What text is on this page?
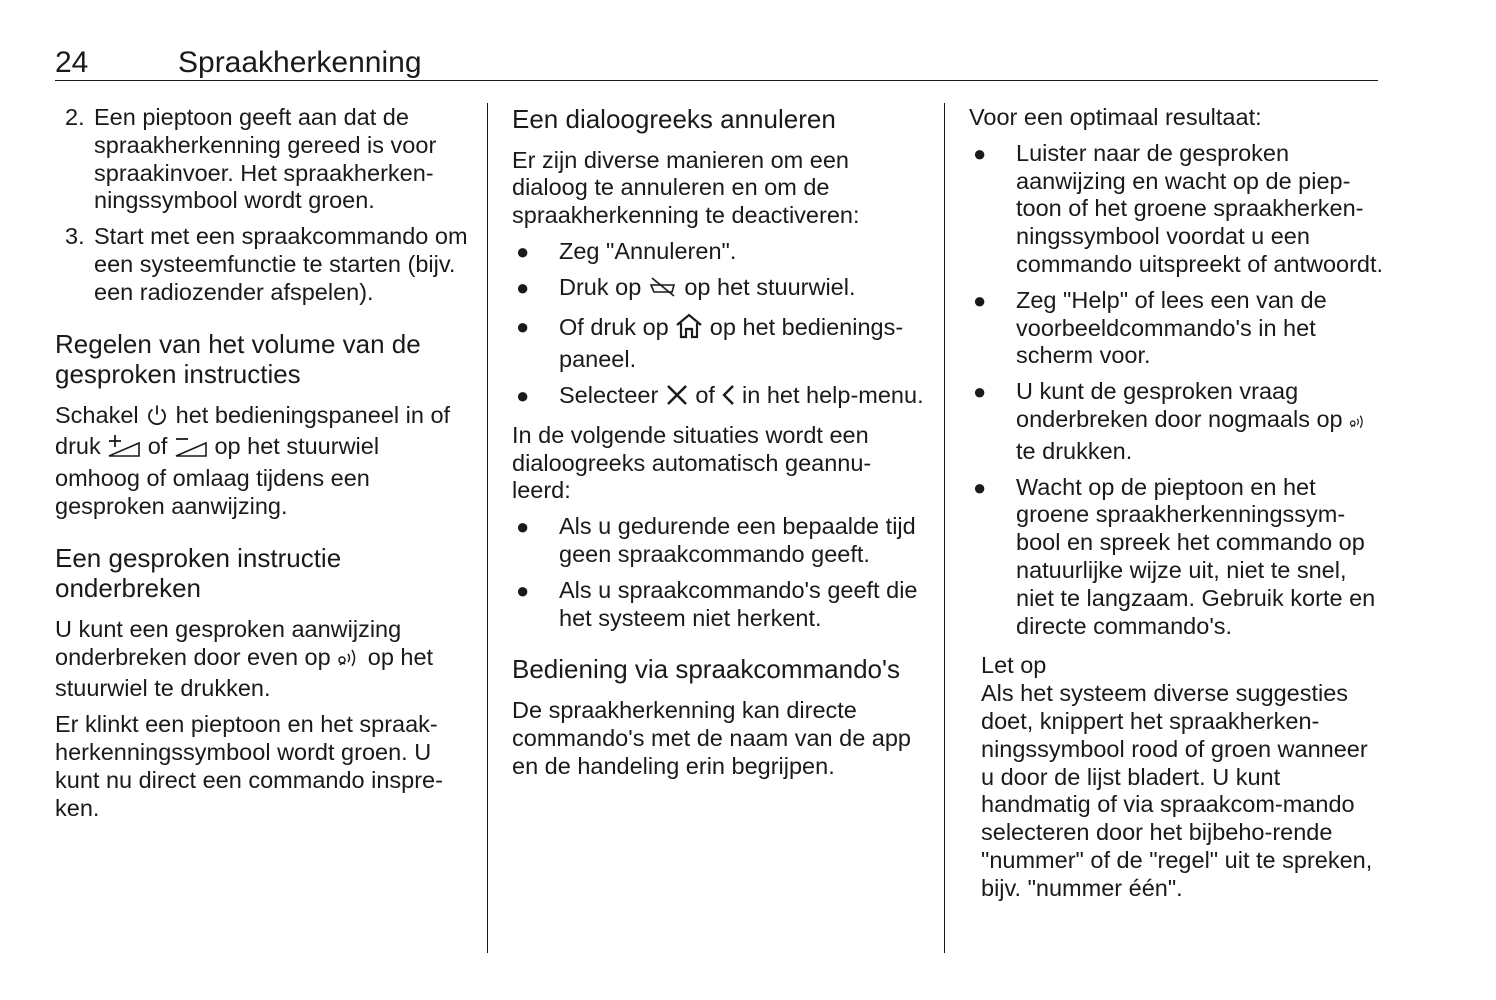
24	Spraakherkenning
2. Een pieptoon geeft aan dat de spraakherkenning gereed is voor spraakinvoer. Het spraakherken-ningssymbool wordt groen.
3. Start met een spraakcommando om een systeemfunctie te starten (bijv. een radiozender afspelen).
Regelen van het volume van de gesproken instructies

Schakel het bedieningspaneel in of druk of op het stuurwiel omhoog of omlaag tijdens een gesproken aanwijzing.

Een gesproken instructie onderbreken

U kunt een gesproken aanwijzing onderbreken door even op op het stuurwiel te drukken.

Er klinkt een pieptoon en het spraak-herkenningssymbool wordt groen. U kunt nu direct een commando inspre-ken.

Een dialoogreeks annuleren

Er zijn diverse manieren om een dialoog te annuleren en om de spraakherkenning te deactiveren:

● Zeg "Annuleren".
● Druk op op het stuurwiel.
● Of druk op op het bedienings-paneel.
● Selecteer of in het help-menu.

In de volgende situaties wordt een dialoogreeks automatisch geannu-leerd:

● Als u gedurende een bepaalde tijd geen spraakcommando geeft.
● Als u spraakcommando's geeft die het systeem niet herkent.
Bediening via spraakcommando's

De spraakherkenning kan directe commando's met de naam van de app en de handeling erin begrijpen.

Voor een optimaal resultaat:

● Luister naar de gesproken aanwijzing en wacht op de piep-toon of het groene spraakherken-ningssymbool voordat u een commando uitspreekt of antwoordt.
● Zeg "Help" of lees een van de voorbeeldcommando's in het scherm voor.
● U kunt de gesproken vraag onderbreken door nogmaals op  te drukken.
● Wacht op de pieptoon en het groene spraakherkenningssym-bool en spreek het commando op natuurlijke wijze uit, niet te snel, niet te langzaam. Gebruik korte en directe commando's.
Let op

Als het systeem diverse suggesties doet, knippert het spraakherken-ningssymbool rood of groen wanneer u door de lijst bladert. U kunt handmatig of via spraakcom-mando selecteren door het bijbeho-rende "nummer" of de "regel" uit te spreken, bijv. "nummer één".
